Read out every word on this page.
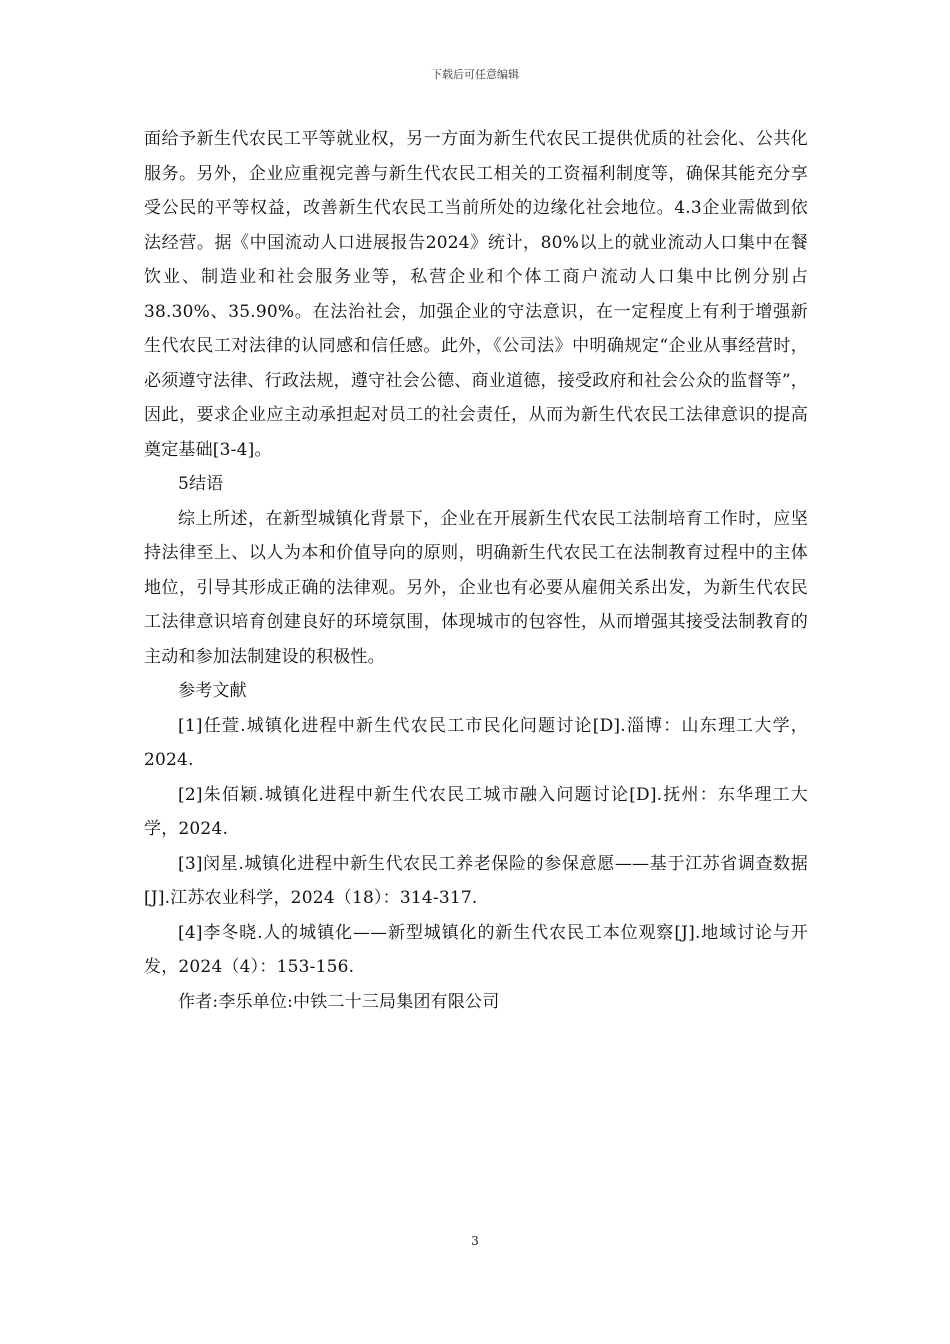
下载后可任意编辑

面给予新生代农民工平等就业权，另一方面为新生代农民工提供优质的社会化、公共化服务。另外，企业应重视完善与新生代农民工相关的工资福利制度等，确保其能充分享受公民的平等权益，改善新生代农民工当前所处的边缘化社会地位。4.3企业需做到依法经营。据《中国流动人口进展报告2024》统计，80%以上的就业流动人口集中在餐饮业、制造业和社会服务业等，私营企业和个体工商户流动人口集中比例分别占38.30%、35.90%。在法治社会，加强企业的守法意识，在一定程度上有利于增强新生代农民工对法律的认同感和信任感。此外，《公司法》中明确规定“企业从事经营时，必须遵守法律、行政法规，遵守社会公德、商业道德，接受政府和社会公众的监督等”，因此，要求企业应主动承担起对员工的社会责任，从而为新生代农民工法律意识的提高奠定基础[3-4]。

5结语

综上所述，在新型城镇化背景下，企业在开展新生代农民工法制培育工作时，应坚持法律至上、以人为本和价值导向的原则，明确新生代农民工在法制教育过程中的主体地位，引导其形成正确的法律观。另外，企业也有必要从雇佣关系出发，为新生代农民工法律意识培育创建良好的环境氛围，体现城市的包容性，从而增强其接受法制教育的主动和参加法制建设的积极性。

参考文献

[1]任萱.城镇化进程中新生代农民工市民化问题讨论[D].淄博：山东理工大学，2024.

[2]朱佰颖.城镇化进程中新生代农民工城市融入问题讨论[D].抚州：东华理工大学，2024.

[3]闵星.城镇化进程中新生代农民工养老保险的参保意愿——基于江苏省调查数据[J].江苏农业科学，2024（18）：314-317.

[4]李冬晓.人的城镇化——新型城镇化的新生代农民工本位观察[J].地域讨论与开发，2024（4）：153-156.

作者:李乐单位:中铁二十三局集团有限公司

3
